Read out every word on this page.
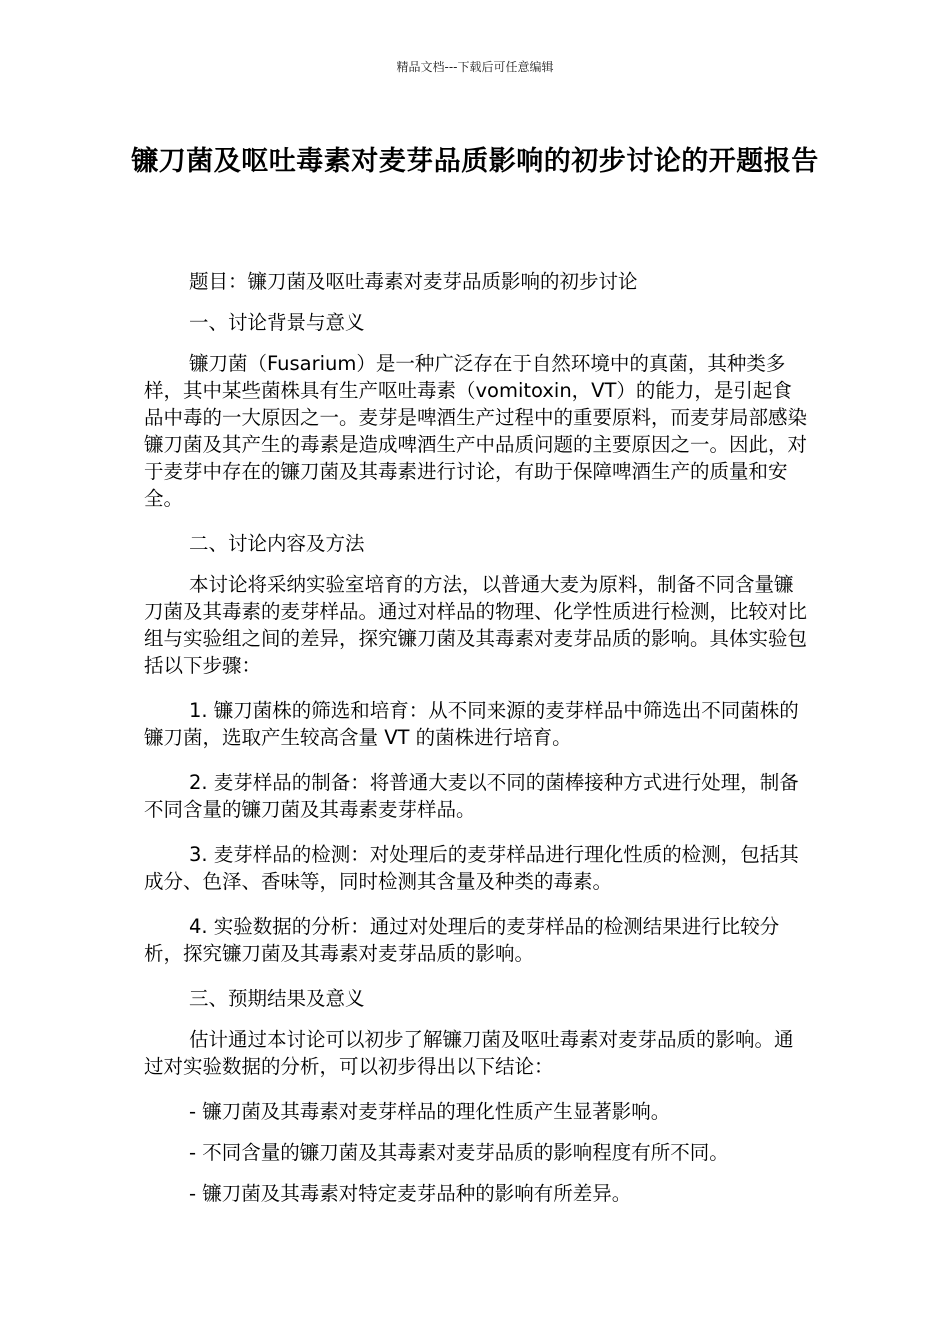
精品文档---下载后可任意编辑
镰刀菌及呕吐毒素对麦芽品质影响的初步讨论的开题报告

题目：镰刀菌及呕吐毒素对麦芽品质影响的初步讨论

一、讨论背景与意义

镰刀菌（Fusarium）是一种广泛存在于自然环境中的真菌，其种类多样，其中某些菌株具有生产呕吐毒素（vomitoxin，VT）的能力，是引起食品中毒的一大原因之一。麦芽是啤酒生产过程中的重要原料，而麦芽局部感染镰刀菌及其产生的毒素是造成啤酒生产中品质问题的主要原因之一。因此，对于麦芽中存在的镰刀菌及其毒素进行讨论，有助于保障啤酒生产的质量和安全。

二、讨论内容及方法

本讨论将采纳实验室培育的方法，以普通大麦为原料，制备不同含量镰刀菌及其毒素的麦芽样品。通过对样品的物理、化学性质进行检测，比较对比组与实验组之间的差异，探究镰刀菌及其毒素对麦芽品质的影响。具体实验包括以下步骤：

1. 镰刀菌株的筛选和培育：从不同来源的麦芽样品中筛选出不同菌株的镰刀菌，选取产生较高含量 VT 的菌株进行培育。

2. 麦芽样品的制备：将普通大麦以不同的菌棒接种方式进行处理，制备不同含量的镰刀菌及其毒素麦芽样品。

3. 麦芽样品的检测：对处理后的麦芽样品进行理化性质的检测，包括其成分、色泽、香味等，同时检测其含量及种类的毒素。

4. 实验数据的分析：通过对处理后的麦芽样品的检测结果进行比较分析，探究镰刀菌及其毒素对麦芽品质的影响。

三、预期结果及意义

估计通过本讨论可以初步了解镰刀菌及呕吐毒素对麦芽品质的影响。通过对实验数据的分析，可以初步得出以下结论：

- 镰刀菌及其毒素对麦芽样品的理化性质产生显著影响。

- 不同含量的镰刀菌及其毒素对麦芽品质的影响程度有所不同。

- 镰刀菌及其毒素对特定麦芽品种的影响有所差异。
